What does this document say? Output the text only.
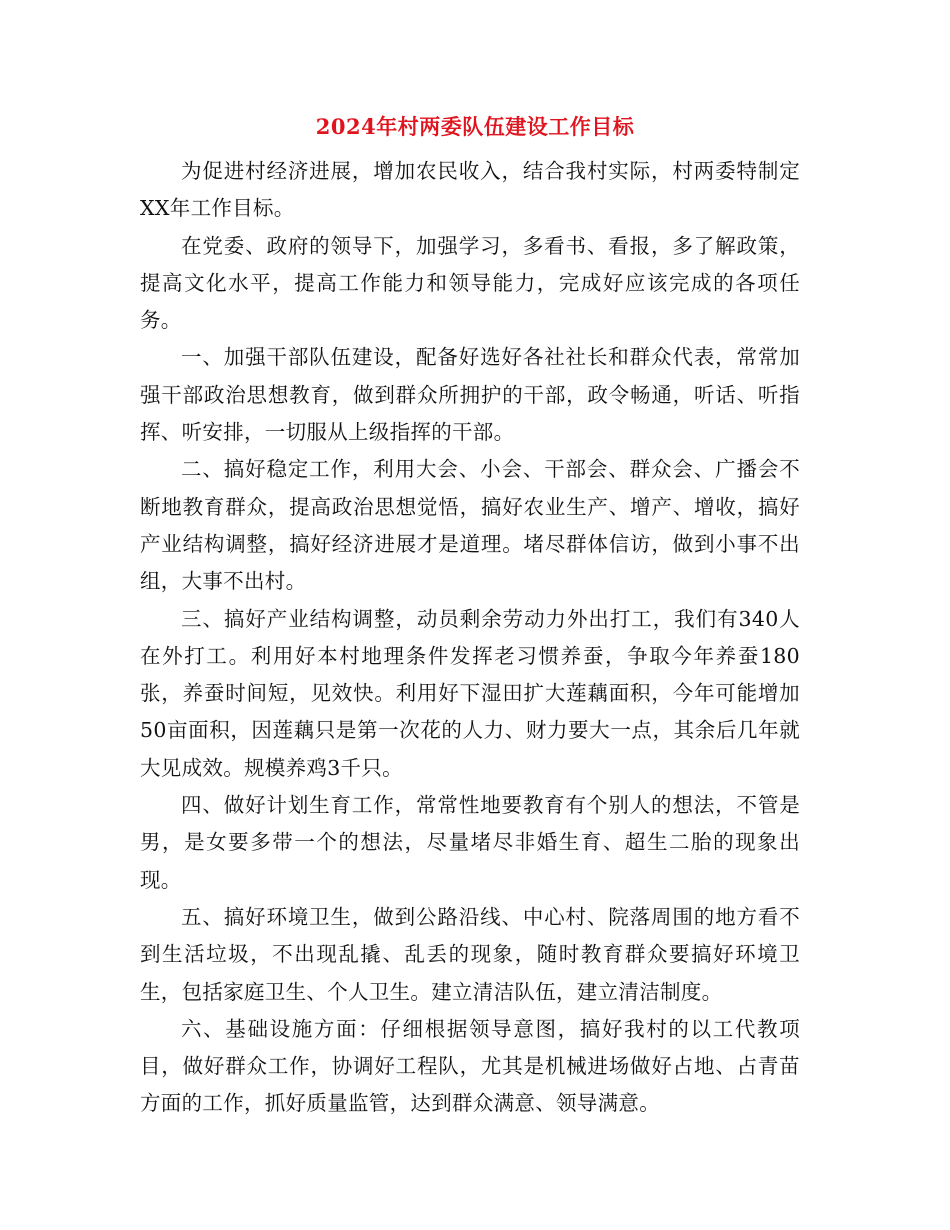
2024年村两委队伍建设工作目标

为促进村经济进展，增加农民收入，结合我村实际，村两委特制定XX年工作目标。

在党委、政府的领导下，加强学习，多看书、看报，多了解政策，提高文化水平，提高工作能力和领导能力，完成好应该完成的各项任务。

一、加强干部队伍建设，配备好选好各社社长和群众代表，常常加强干部政治思想教育，做到群众所拥护的干部，政令畅通，听话、听指挥、听安排，一切服从上级指挥的干部。

二、搞好稳定工作，利用大会、小会、干部会、群众会、广播会不断地教育群众，提高政治思想觉悟，搞好农业生产、增产、增收，搞好产业结构调整，搞好经济进展才是道理。堵尽群体信访，做到小事不出组，大事不出村。

三、搞好产业结构调整，动员剩余劳动力外出打工，我们有340人在外打工。利用好本村地理条件发挥老习惯养蚕，争取今年养蚕180张，养蚕时间短，见效快。利用好下湿田扩大莲藕面积，今年可能增加50亩面积，因莲藕只是第一次花的人力、财力要大一点，其余后几年就大见成效。规模养鸡3千只。

四、做好计划生育工作，常常性地要教育有个别人的想法，不管是男，是女要多带一个的想法，尽量堵尽非婚生育、超生二胎的现象出现。

五、搞好环境卫生，做到公路沿线、中心村、院落周围的地方看不到生活垃圾，不出现乱撬、乱丢的现象，随时教育群众要搞好环境卫生，包括家庭卫生、个人卫生。建立清洁队伍，建立清洁制度。

六、基础设施方面：仔细根据领导意图，搞好我村的以工代教项目，做好群众工作，协调好工程队，尤其是机械进场做好占地、占青苗方面的工作，抓好质量监管，达到群众满意、领导满意。
